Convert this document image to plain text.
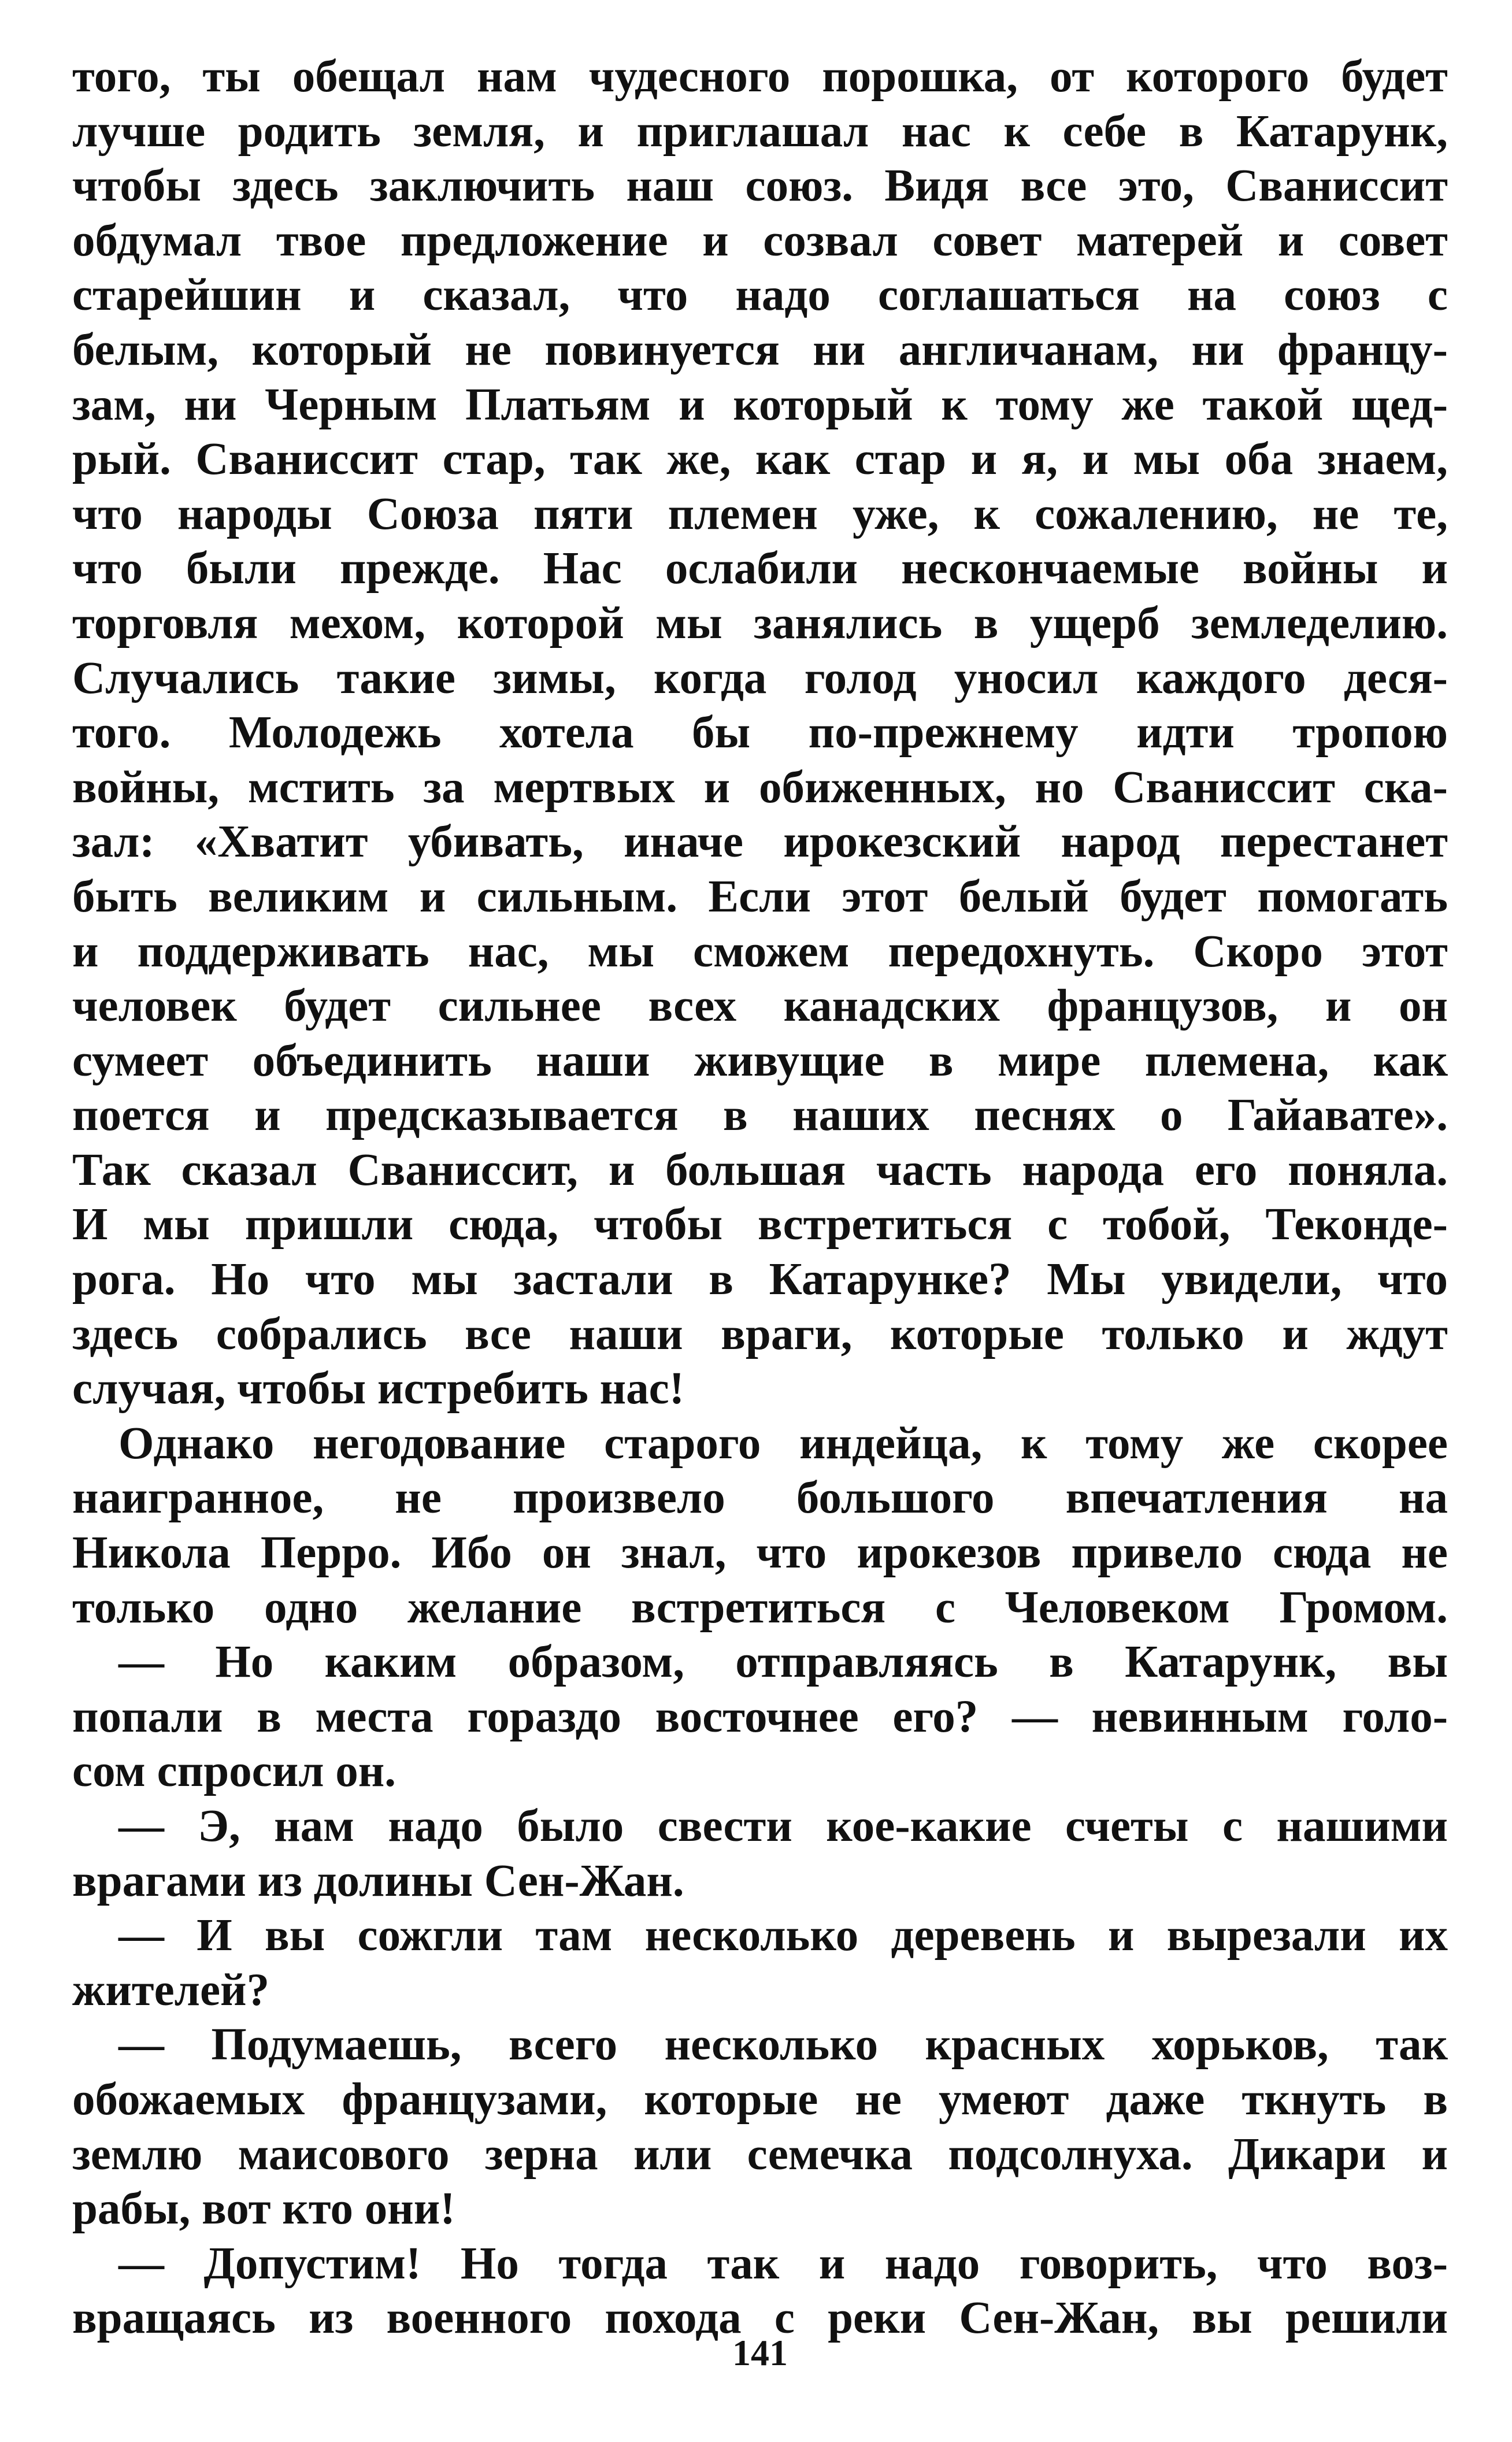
того, ты обещал нам чудесного порошка, от которого будет
лучше родить земля, и приглашал нас к себе в Катарунк,
чтобы здесь заключить наш союз. Видя все это, Сваниссит
обдумал твое предложение и созвал совет матерей и совет
старейшин и сказал, что надо соглашаться на союз с
белым, который не повинуется ни англичанам, ни францу-
зам, ни Черным Платьям и который к тому же такой щед-
рый. Сваниссит стар, так же, как стар и я, и мы оба знаем,
что народы Союза пяти племен уже, к сожалению, не те,
что были прежде. Нас ослабили нескончаемые войны и
торговля мехом, которой мы занялись в ущерб земледелию.
Случались такие зимы, когда голод уносил каждого деся-
того. Молодежь хотела бы по-прежнему идти тропою
войны, мстить за мертвых и обиженных, но Сваниссит ска-
зал: «Хватит убивать, иначе ирокезский народ перестанет
быть великим и сильным. Если этот белый будет помогать
и поддерживать нас, мы сможем передохнуть. Скоро этот
человек будет сильнее всех канадских французов, и он
сумеет объединить наши живущие в мире племена, как
поется и предсказывается в наших песнях о Гайавате».
Так сказал Сваниссит, и большая часть народа его поняла.
И мы пришли сюда, чтобы встретиться с тобой, Теконде-
рога. Но что мы застали в Катарунке? Мы увидели, что
здесь собрались все наши враги, которые только и ждут
случая, чтобы истребить нас!
Однако негодование старого индейца, к тому же скорее
наигранное, не произвело большого впечатления на
Никола Перро. Ибо он знал, что ирокезов привело сюда не
только одно желание встретиться с Человеком Громом.
— Но каким образом, отправляясь в Катарунк, вы
попали в места гораздо восточнее его? — невинным голо-
сом спросил он.
— Э, нам надо было свести кое-какие счеты с нашими
врагами из долины Сен-Жан.
— И вы сожгли там несколько деревень и вырезали их
жителей?
— Подумаешь, всего несколько красных хорьков, так
обожаемых французами, которые не умеют даже ткнуть в
землю маисового зерна или семечка подсолнуха. Дикари и
рабы, вот кто они!
— Допустим! Но тогда так и надо говорить, что воз-
вращаясь из военного похода с реки Сен-Жан, вы решили
141
